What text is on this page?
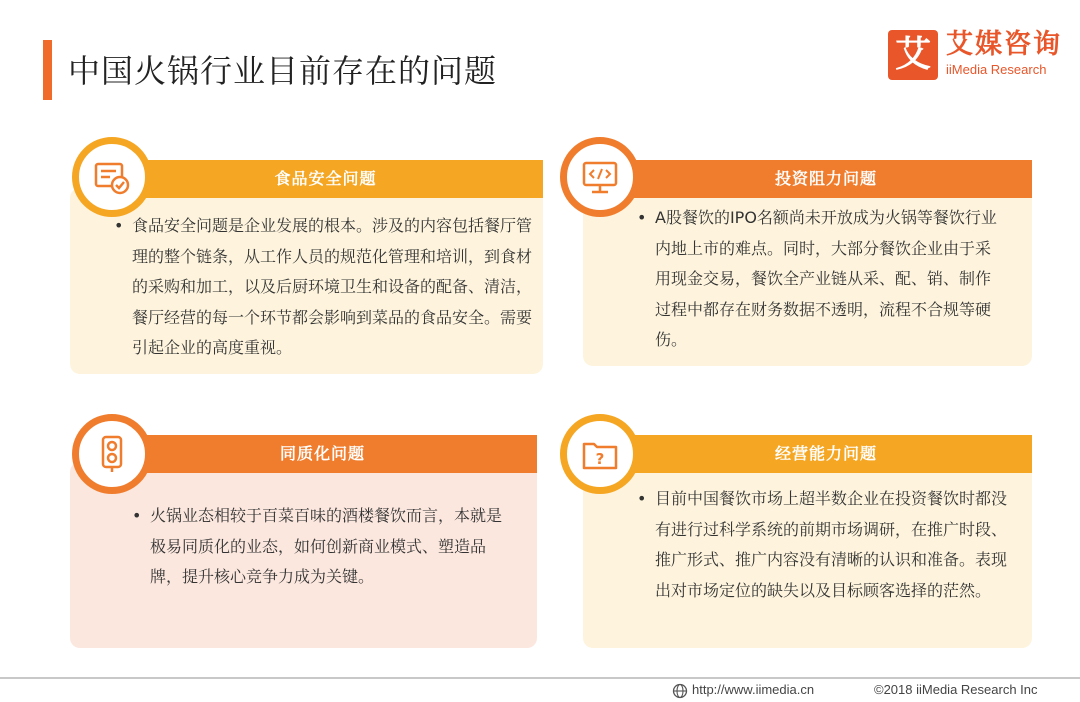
中国火锅行业目前存在的问题	艾 艾媒咨询
iiMedia Research
食品安全问题
• 食品安全问题是企业发展的根本。涉及的内容包括餐厅管理的整个链条，从工作人员的规范化管理和培训，到食材的采购和加工，以及后厨环境卫生和设备的配备、清洁，餐厅经营的每一个环节都会影响到菜品的食品安全。需要引起企业的高度重视。
投资阻力问题
• A股餐饮的IPO名额尚未开放成为火锅等餐饮行业内地上市的难点。同时，大部分餐饮企业由于采用现金交易，餐饮全产业链从采、配、销、制作过程中都存在财务数据不透明，流程不合规等硬伤。
同质化问题
• 火锅业态相较于百菜百味的酒楼餐饮而言，本就是极易同质化的业态，如何创新商业模式、塑造品牌，提升核心竞争力成为关键。
经营能力问题
?
• 目前中国餐饮市场上超半数企业在投资餐饮时都没有进行过科学系统的前期市场调研，在推广时段、推广形式、推广内容没有清晰的认识和准备。表现出对市场定位的缺失以及目标顾客选择的茫然。
http://www.iimedia.cn	©2018 iiMedia Research Inc
